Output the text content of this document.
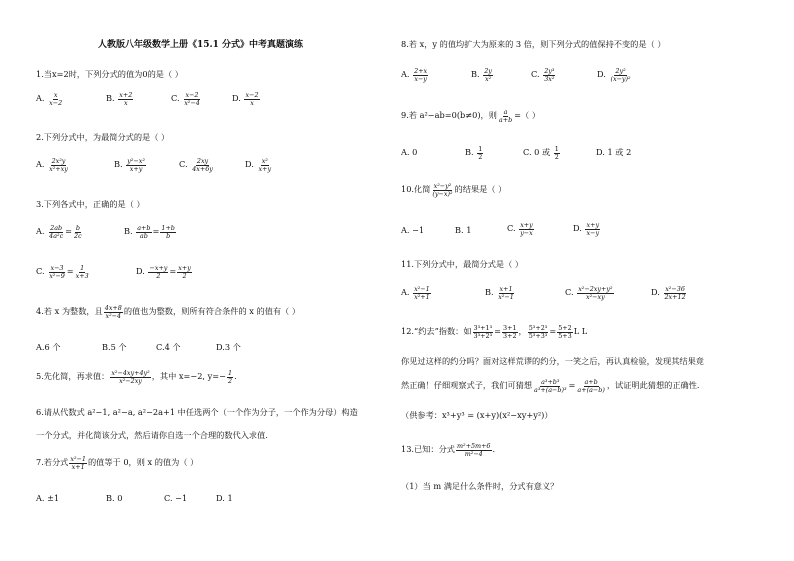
人教版八年级数学上册《15.1 分式》中考真题演练
1.当x=2时，下列分式的值为0的是（ ）
A. $\frac{x}{x-2}$	B. $\frac{x+2}{x}$	C. $\frac{x-2}{\text{x²−4}}$	D. $\frac{x-2}{x}$
2.下列分式中，为最简分式的是（ ）
A. $\frac{\text{2x²y}}{\text{x²+xy}}$	B. $\frac{\text{y²−x²}}{x+y}$	C. $\frac{2xy}{4x+6y}$	D. $\frac{\text{x²}}{x+y}$
3.下列各式中，正确的是（ ）
A. $\frac{2ab}{\text{4a²c}} = \frac{b}{2c}$	B. $\frac{a+b}{ab} = \frac{1+b}{b}$
C. $\frac{x-3}{\text{x²−9}} = \frac{1}{x+3}$	D. $\frac{-x+y}{2} = \frac{x+y}{2}$
4.若 x 为整数，且 $\frac{4x+8}{\text{x²−4}}$ 的值也为整数，则所有符合条件的 x 的值有（ ）
A.6 个	B.5 个	C.4 个	D.3 个
5.先化简，再求值： $\frac{\text{x²−4xy+4y²}}{\text{x²−2xy}}$ ，其中 x=−2, $y=- \frac{1}{2}$ .
6.请从代数式 a²−1, a²−a, a²−2a+1 中任选两个（一个作为分子，一个作为分母）构造
一个分式，并化简该分式，然后请你自选一个合理的数代入求值.
7.若分式 $\frac{\text{x²−1}}{x+1}$ 的值等于 0，则 x 的值为（ ）
A. ±1	B. 0	C. −1	D. 1
8.若 x，y 的值均扩大为原来的 3 倍，则下列分式的值保持不变的是（ ）
A. $\frac{2+x}{x-y}$	B. $\frac{2y}{\text{x²}}$	C. $\frac{\text{2y³}}{\text{3x²}}$	D. $\frac{\text{2y²}}{\text{(x−y)²}}$
9.若 a²−ab=0(b≠0)，则 $\frac{a}{a+b}$ =（ ）
A. 0	B. $\frac{1}{2}$	C. 0 或 $\frac{1}{2}$	D. 1 或 2
10.化简 $\frac{\text{x²−y²}}{\text{(y−x)²}}$ 的结果是（ ）
A. −1	B. 1	C. $\frac{x+y}{y-x}$	D. $\frac{x+y}{x-y}$
11.下列分式中，最简分式是（ ）
A. $\frac{\text{x²−1}}{\text{x²+1}}$	B. $\frac{x+1}{\text{x²−1}}$	C. $\frac{\text{x²−2xy+y²}}{\text{x²−xy}}$	D. $\frac{\text{x²−36}}{2x+12}$
12.“约去”指数：如 $\frac{\text{3³+1³}}{\text{3³+2³}} = \frac{3+1}{3+2}$ ， $\frac{\text{5³+2³}}{\text{5³+3³}} = \frac{5+2}{5+3}$ L L
你见过这样的约分吗？面对这样荒谬的约分，一笑之后，再认真检验，发现其结果竟
然正确！仔细观察式子，我们可猜想 $\frac{\text{a³+b³}}{\text{a³+(a−b)³}} = \frac{a+b}{a+(a-b)}$ ，试证明此猜想的正确性.
（供参考：x³+y³ = (x+y)(x²−xy+y²)）
13.已知：分式 $\frac{\text{m²+5m+6}}{\text{m²−4}}$ .
（1）当 m 满足什么条件时，分式有意义？
